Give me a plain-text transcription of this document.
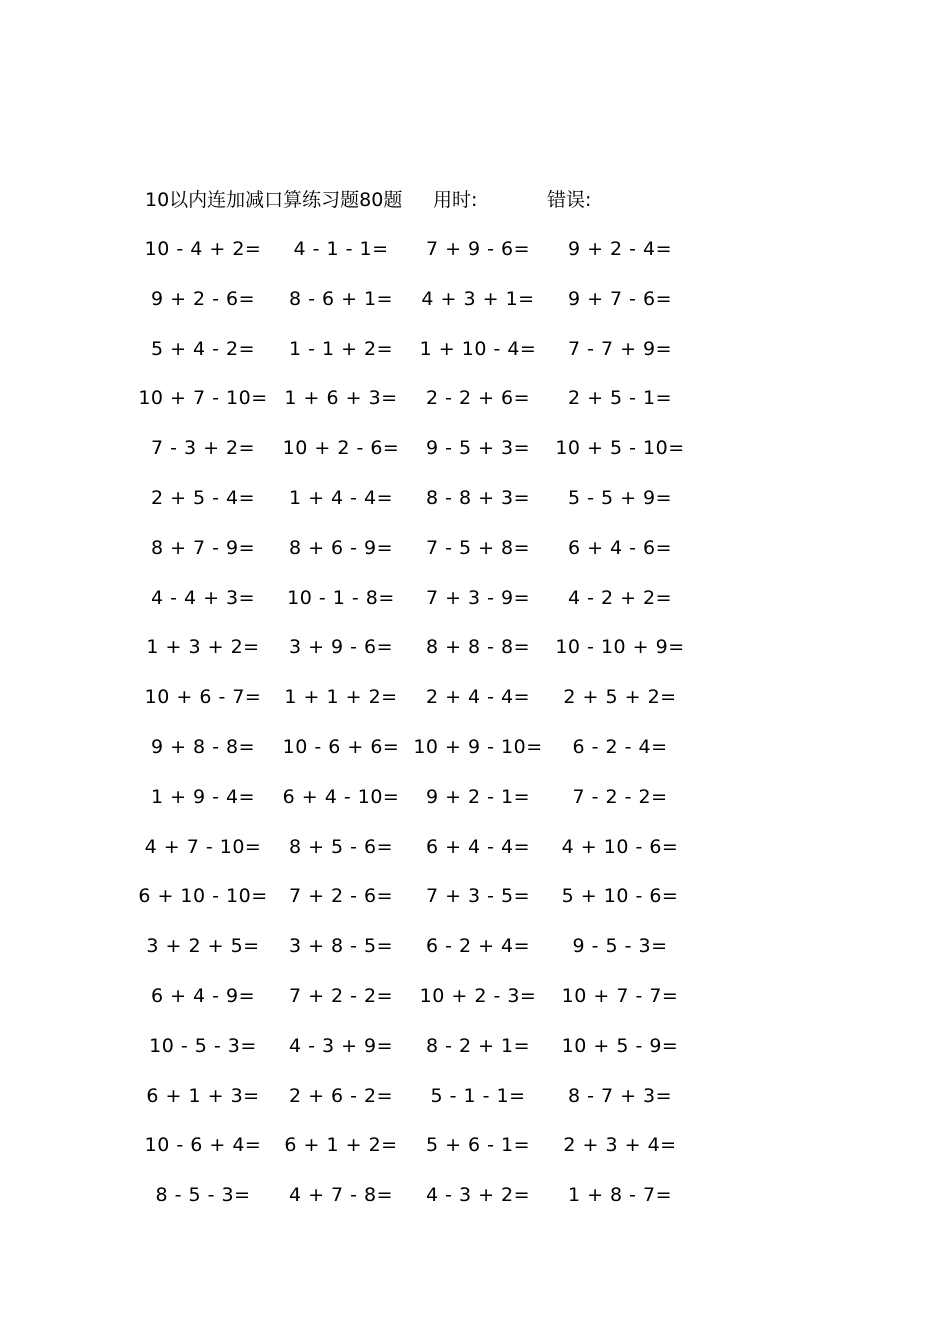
10以内连加减口算练习题80题 用时:	错误:
10 - 4 + 2=	4 - 1 - 1=	7 + 9 - 6=	9 + 2 - 4=
9 + 2 - 6=	8 - 6 + 1=	4 + 3 + 1=	9 + 7 - 6=
5 + 4 - 2=	1 - 1 + 2=	1 + 10 - 4=	7 - 7 + 9=
10 + 7 - 10= 1 + 6 + 3=	2 - 2 + 6=	2 + 5 - 1=
7 - 3 + 2=	10 + 2 - 6=	9 - 5 + 3=	10 + 5 - 10=
2 + 5 - 4=	1 + 4 - 4=	8 - 8 + 3=	5 - 5 + 9=
8 + 7 - 9=	8 + 6 - 9=	7 - 5 + 8=	6 + 4 - 6=
4 - 4 + 3=	10 - 1 - 8=	7 + 3 - 9=	4 - 2 + 2=
1 + 3 + 2=	3 + 9 - 6=	8 + 8 - 8=	10 - 10 + 9=
10 + 6 - 7=	1 + 1 + 2=	2 + 4 - 4=	2 + 5 + 2=
9 + 8 - 8=	10 - 6 + 6= 10 + 9 - 10=	6 - 2 - 4=
1 + 9 - 4=	6 + 4 - 10=	9 + 2 - 1=	7 - 2 - 2=
4 + 7 - 10=	8 + 5 - 6=	6 + 4 - 4=	4 + 10 - 6=
6 + 10 - 10=	7 + 2 - 6=	7 + 3 - 5=	5 + 10 - 6=
3 + 2 + 5=	3 + 8 - 5=	6 - 2 + 4=	9 - 5 - 3=
6 + 4 - 9=	7 + 2 - 2=	10 + 2 - 3=	10 + 7 - 7=
10 - 5 - 3=	4 - 3 + 9=	8 - 2 + 1=	10 + 5 - 9=
6 + 1 + 3=	2 + 6 - 2=	5 - 1 - 1=	8 - 7 + 3=
10 - 6 + 4=	6 + 1 + 2=	5 + 6 - 1=	2 + 3 + 4=
8 - 5 - 3=	4 + 7 - 8=	4 - 3 + 2=	1 + 8 - 7=
